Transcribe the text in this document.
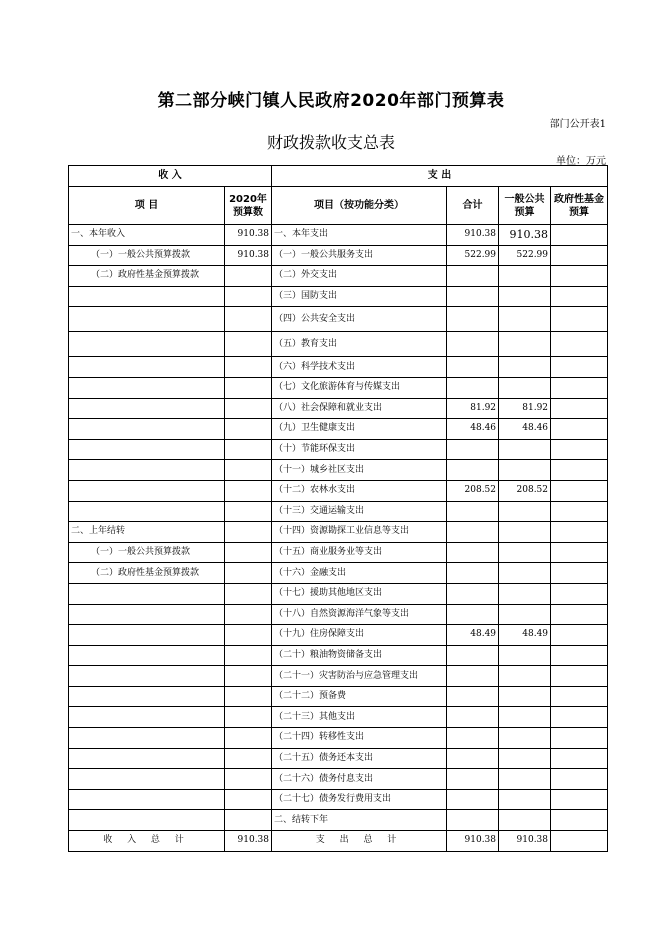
第二部分峡门镇人民政府2020年部门预算表
部门公开表1
财政拨款收支总表
单位：万元
收 入		支 出			
项 目	2020年预算数	项目（按功能分类）	合计	一般公共预算	政府性基金预算
一、本年收入	910.38	一、本年支出	910.38	910.38	
（一）一般公共预算拨款	910.38	（一）一般公共服务支出	522.99	522.99	
（二）政府性基金预算拨款		（二）外交支出			
		（三）国防支出			
		（四）公共安全支出			
		（五）教育支出			
		（六）科学技术支出			
		（七）文化旅游体育与传媒支出			
		（八）社会保障和就业支出	81.92	81.92	
		（九）卫生健康支出	48.46	48.46	
		（十）节能环保支出			
		（十一）城乡社区支出			
		（十二）农林水支出	208.52	208.52	
		（十三）交通运输支出			
二、上年结转		（十四）资源勘探工业信息等支出			
（一）一般公共预算拨款		（十五）商业服务业等支出			
（二）政府性基金预算拨款		（十六）金融支出			
		（十七）援助其他地区支出			
		（十八）自然资源海洋气象等支出			
		（十九）住房保障支出	48.49	48.49	
		（二十）粮油物资储备支出			
		（二十一）灾害防治与应急管理支出			
		（二十二）预备费			
		（二十三）其他支出			
		（二十四）转移性支出			
		（二十五）债务还本支出			
		（二十六）债务付息支出			
		（二十七）债务发行费用支出			
		二、结转下年			
收 入 总 计	910.38	支 出 总 计	910.38	910.38	
